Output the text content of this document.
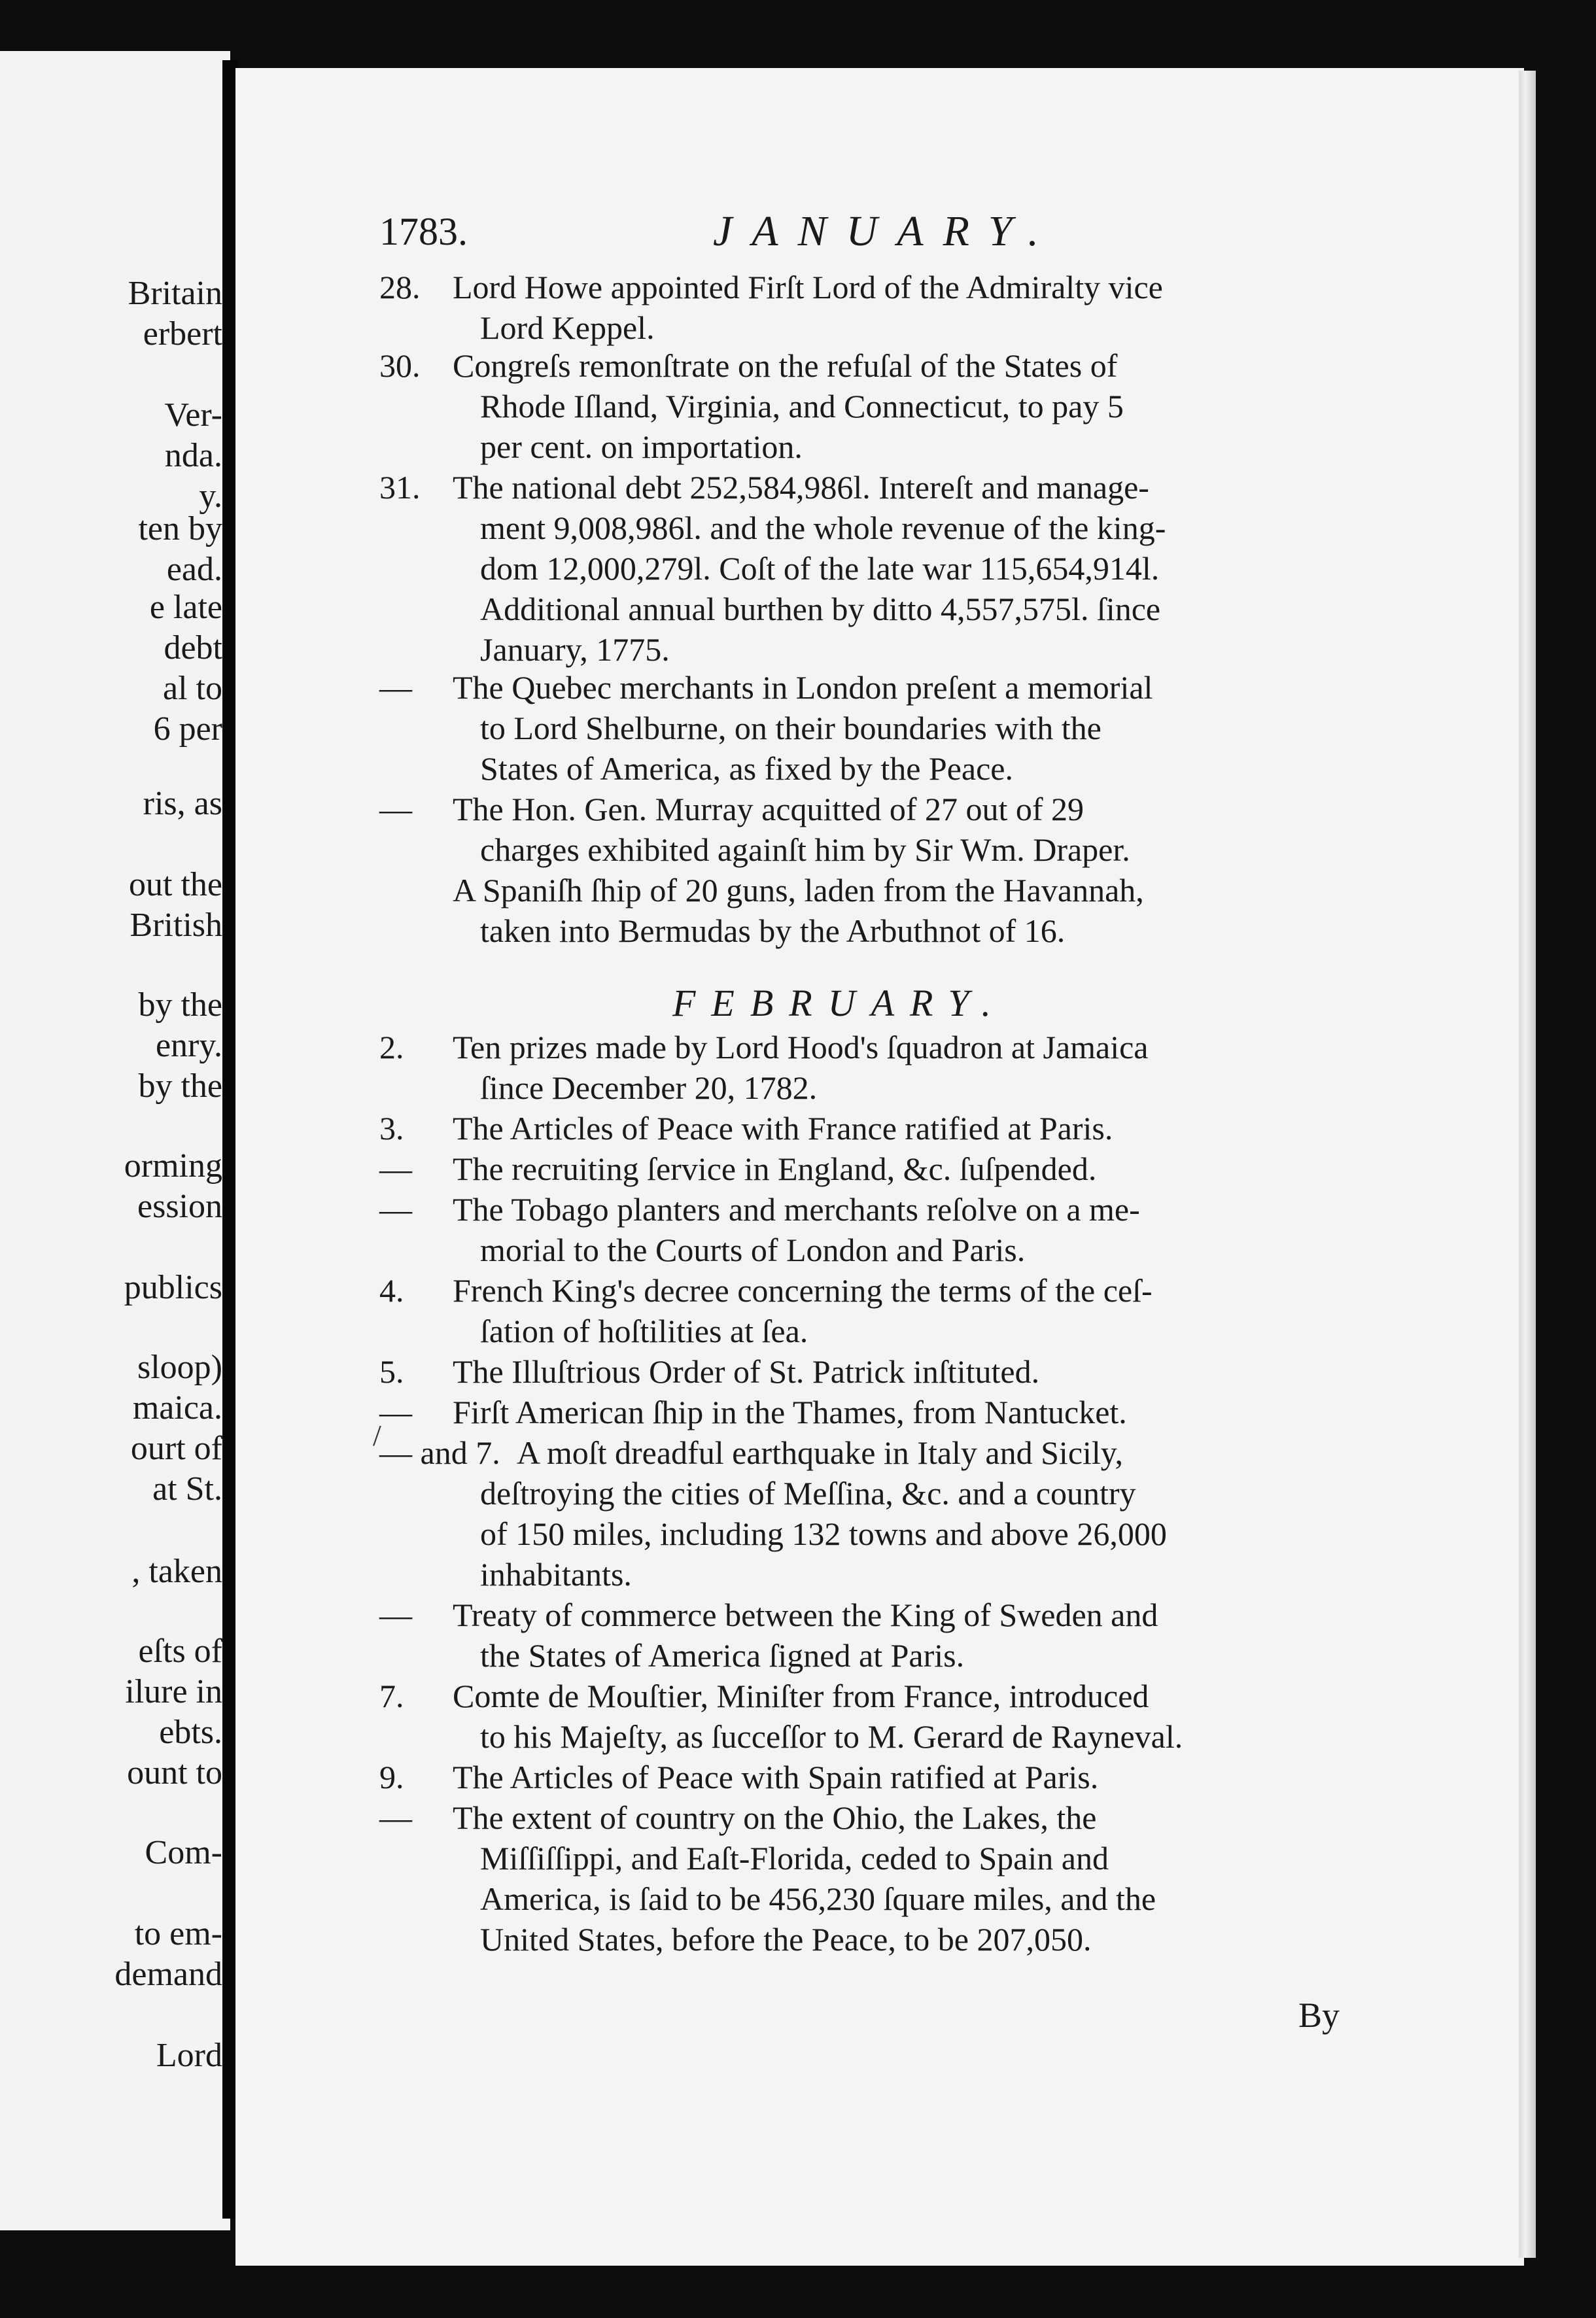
Britain
erbert
Ver-
nda.
y.
ten by
ead.
e late
debt
al to
6 per
ris, as
out the
British
by the
enry.
by the
orming
ession
publics
sloop)
maica.
ourt of
at St.
, taken
eſts of
ilure in
ebts.
ount to
Com-
to em-
demand
Lord
1783.	JANUARY.
28. Lord Howe appointed Firſt Lord of the Admiralty vice
Lord Keppel.
30. Congreſs remonſtrate on the refuſal of the States of
Rhode Iſland, Virginia, and Connecticut, to pay 5
per cent. on importation.
31. The national debt 252,584,986l. Intereſt and manage-
ment 9,008,986l. and the whole revenue of the king-
dom 12,000,279l. Coſt of the late war 115,654,914l.
Additional annual burthen by ditto 4,557,575l. ſince
January, 1775.
—	The Quebec merchants in London preſent a memorial
to Lord Shelburne, on their boundaries with the
States of America, as fixed by the Peace.
—	The Hon. Gen. Murray acquitted of 27 out of 29
charges exhibited againſt him by Sir Wm. Draper.
A Spaniſh ſhip of 20 guns, laden from the Havannah,
taken into Bermudas by the Arbuthnot of 16.
FEBRUARY.
2.	Ten prizes made by Lord Hood's ſquadron at Jamaica
ſince December 20, 1782.
3.	The Articles of Peace with France ratified at Paris.
—	The recruiting ſervice in England, &c. ſuſpended.
—	The Tobago planters and merchants reſolve on a me-
morial to the Courts of London and Paris.
4.	French King's decree concerning the terms of the ceſ-
ſation of hoſtilities at ſea.
5.	The Illuſtrious Order of St. Patrick inſtituted.
—	Firſt American ſhip in the Thames, from Nantucket.
— and 7. A moſt dreadful earthquake in Italy and Sicily,
deſtroying the cities of Meſſina, &c. and a country
of 150 miles, including 132 towns and above 26,000
inhabitants.
—	Treaty of commerce between the King of Sweden and
the States of America ſigned at Paris.
7.	Comte de Mouſtier, Miniſter from France, introduced
to his Majeſty, as ſucceſſor to M. Gerard de Rayneval.
9.	The Articles of Peace with Spain ratified at Paris.
—	The extent of country on the Ohio, the Lakes, the
Miſſiſſippi, and Eaſt-Florida, ceded to Spain and
America, is ſaid to be 456,230 ſquare miles, and the
United States, before the Peace, to be 207,050.
/
By
